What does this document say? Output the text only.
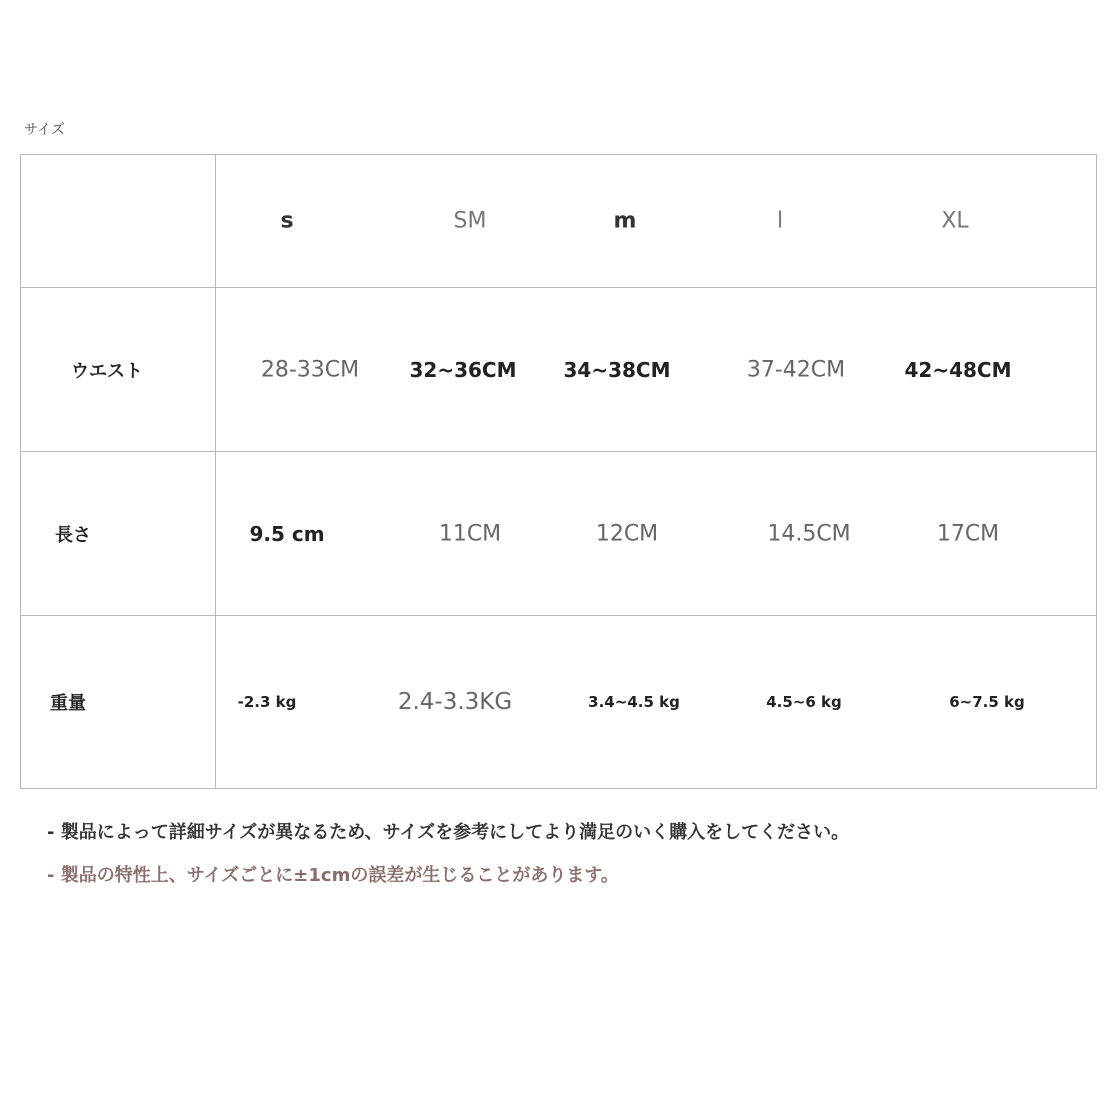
サイズ

	s SM m l XL

ウエスト	28-33CM 32~36CM 34~38CM 37-42CM 42~48CM

長さ	9.5 cm 11CM 12CM 14.5CM 17CM

重量	-2.3 kg 2.4-3.3KG 3.4~4.5 kg 4.5~6 kg 6~7.5 kg
- 製品によって詳細サイズが異なるため、サイズを参考にしてより満足のいく購入をしてください。
- 製品の特性上、サイズごとに±1cmの誤差が生じることがあります。
